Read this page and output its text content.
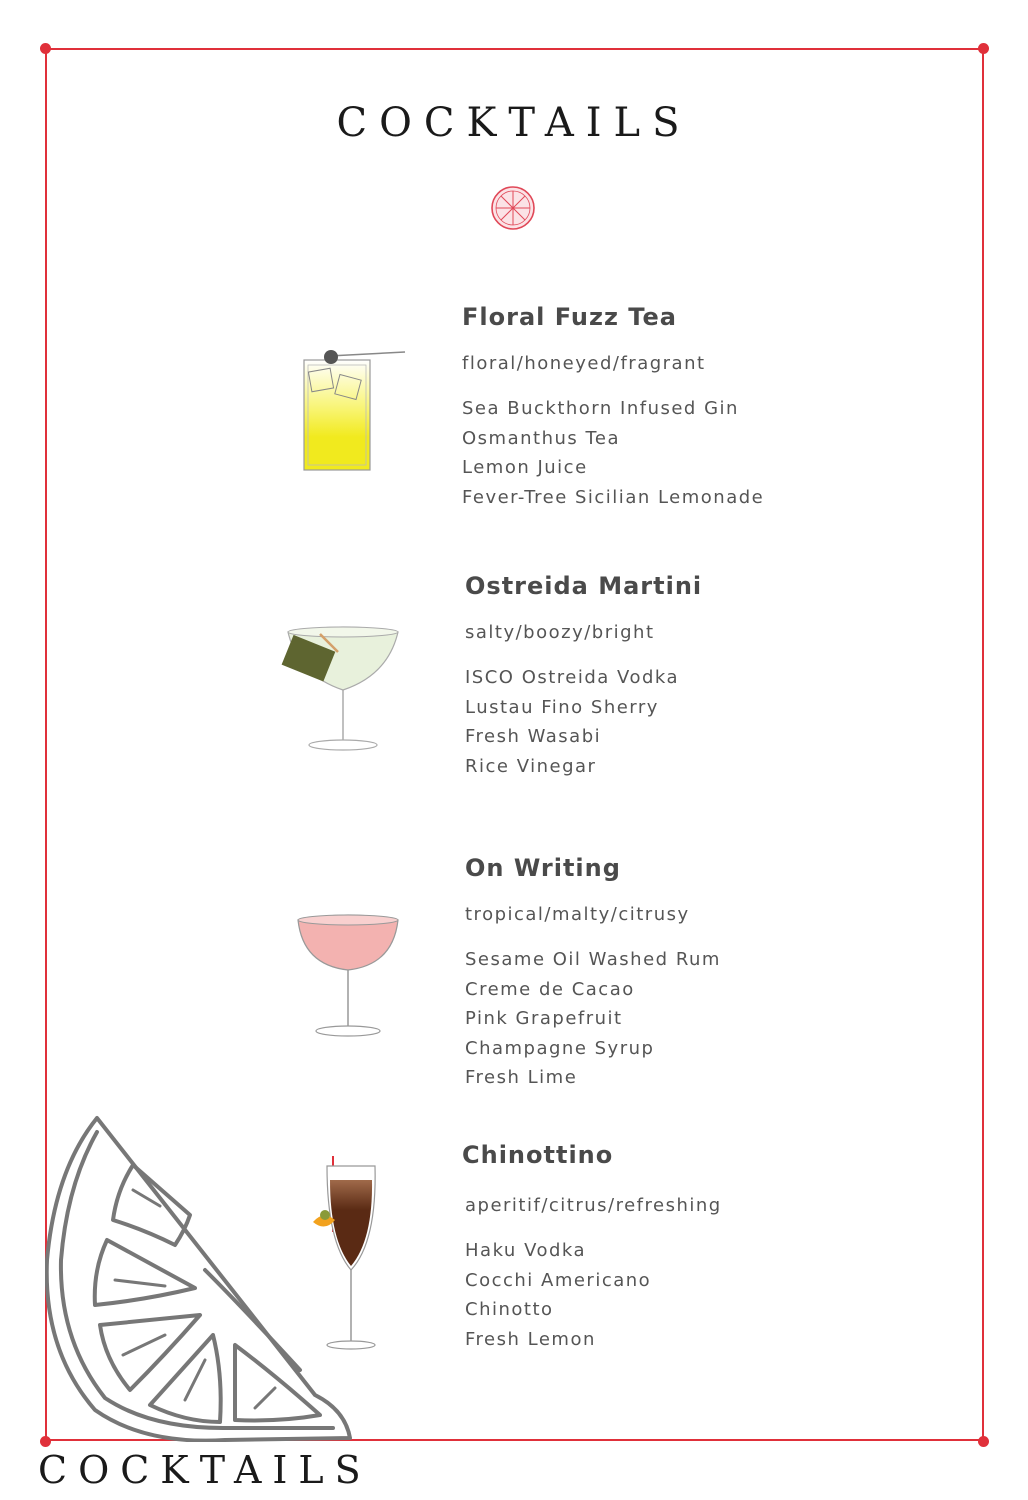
COCKTAILS
Floral Fuzz Tea

floral/honeyed/fragrant

Sea Buckthorn Infused Gin
Osmanthus Tea
Lemon Juice
Fever-Tree Sicilian Lemonade
Ostreida Martini

salty/boozy/bright

ISCO Ostreida Vodka
Lustau Fino Sherry
Fresh Wasabi
Rice Vinegar
On Writing

tropical/malty/citrusy

Sesame Oil Washed Rum
Creme de Cacao
Pink Grapefruit
Champagne Syrup
Fresh Lime
Chinottino

aperitif/citrus/refreshing

Haku Vodka
Cocchi Americano
Chinotto
Fresh Lemon
COCKTAILS
